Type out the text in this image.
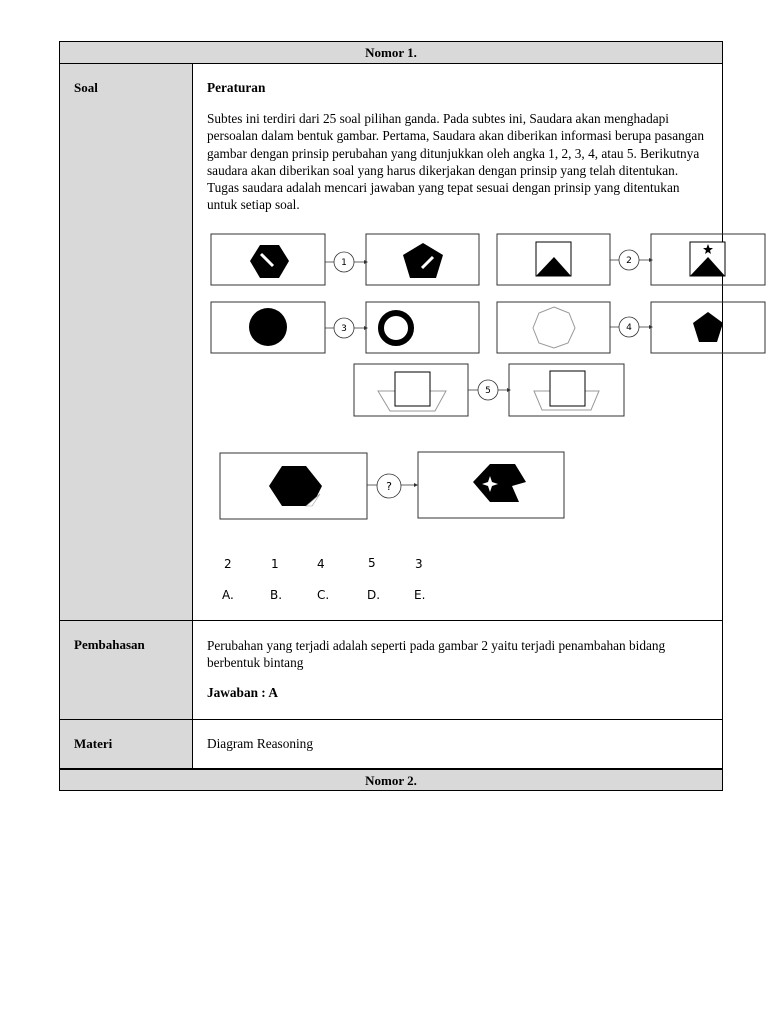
Nomor 1.
Soal	Peraturan

Subtes ini terdiri dari 25 soal pilihan ganda. Pada subtes ini, Saudara akan menghadapi persoalan dalam bentuk gambar. Pertama, Saudara akan diberikan informasi berupa pasangan gambar dengan prinsip perubahan yang ditunjukkan oleh angka 1, 2, 3, 4, atau 5. Berikutnya saudara akan diberikan soal yang harus dikerjakan dengan prinsip yang telah ditentukan. Tugas saudara adalah mencari jawaban yang tepat sesuai dengan prinsip yang ditentukan untuk setiap soal.

1	2
3	4
5
?
2	1	4	5	3
A.	B.	C.	D.	E.
Pembahasan	Perubahan yang terjadi adalah seperti pada gambar 2 yaitu terjadi penambahan bidang berbentuk bintang

Jawaban : A
Materi	Diagram Reasoning
Nomor 2.
